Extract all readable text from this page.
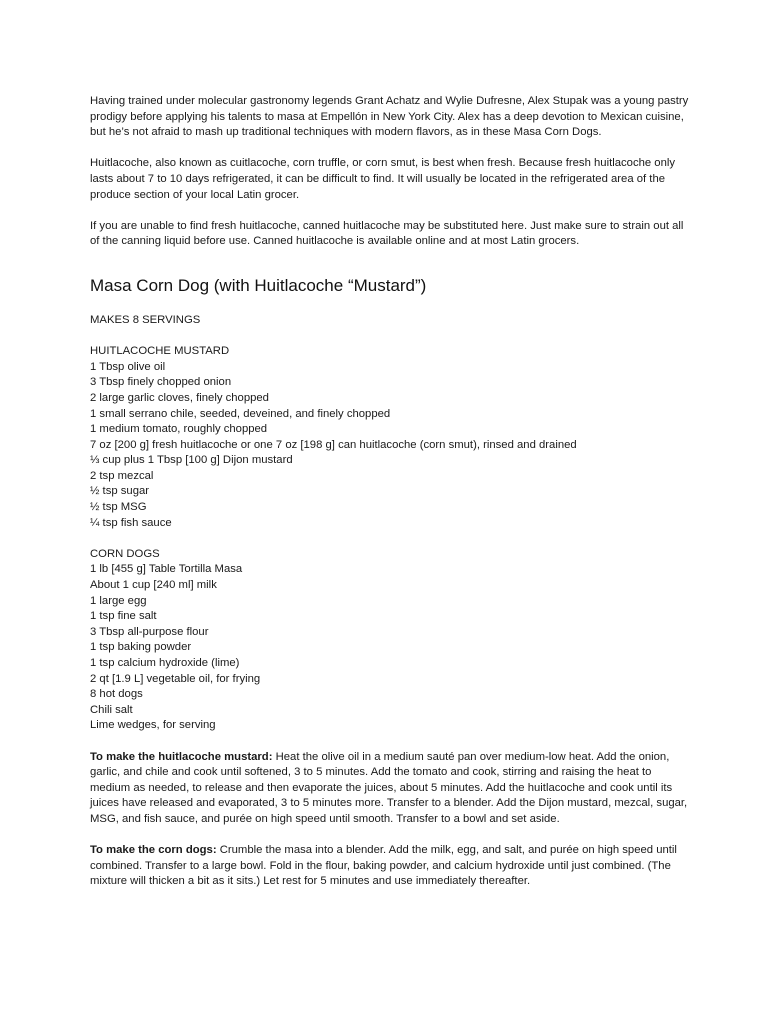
Having trained under molecular gastronomy legends Grant Achatz and Wylie Dufresne, Alex Stupak was a young pastry prodigy before applying his talents to masa at Empellón in New York City. Alex has a deep devotion to Mexican cuisine, but he’s not afraid to mash up traditional techniques with modern flavors, as in these Masa Corn Dogs.

Huitlacoche, also known as cuitlacoche, corn truffle, or corn smut, is best when fresh. Because fresh huitlacoche only lasts about 7 to 10 days refrigerated, it can be difficult to find. It will usually be located in the refrigerated area of the produce section of your local Latin grocer.

If you are unable to find fresh huitlacoche, canned huitlacoche may be substituted here. Just make sure to strain out all of the canning liquid before use. Canned huitlacoche is available online and at most Latin grocers.

Masa Corn Dog (with Huitlacoche “Mustard”)

MAKES 8 SERVINGS

HUITLACOCHE MUSTARD

1 Tbsp olive oil
3 Tbsp finely chopped onion
2 large garlic cloves, finely chopped
1 small serrano chile, seeded, deveined, and finely chopped
1 medium tomato, roughly chopped
7 oz [200 g] fresh huitlacoche or one 7 oz [198 g] can huitlacoche (corn smut), rinsed and drained
⅓ cup plus 1 Tbsp [100 g] Dijon mustard
2 tsp mezcal
½ tsp sugar
½ tsp MSG
¼ tsp fish sauce

CORN DOGS

1 lb [455 g] Table Tortilla Masa
About 1 cup [240 ml] milk
1 large egg
1 tsp fine salt
3 Tbsp all-purpose flour
1 tsp baking powder
1 tsp calcium hydroxide (lime)
2 qt [1.9 L] vegetable oil, for frying
8 hot dogs
Chili salt
Lime wedges, for serving

To make the huitlacoche mustard: Heat the olive oil in a medium sauté pan over medium-low heat. Add the onion, garlic, and chile and cook until softened, 3 to 5 minutes. Add the tomato and cook, stirring and raising the heat to medium as needed, to release and then evaporate the juices, about 5 minutes. Add the huitlacoche and cook until its juices have released and evaporated, 3 to 5 minutes more. Transfer to a blender. Add the Dijon mustard, mezcal, sugar, MSG, and fish sauce, and purée on high speed until smooth. Transfer to a bowl and set aside.

To make the corn dogs: Crumble the masa into a blender. Add the milk, egg, and salt, and purée on high speed until combined. Transfer to a large bowl. Fold in the flour, baking powder, and calcium hydroxide until just combined. (The mixture will thicken a bit as it sits.) Let rest for 5 minutes and use immediately thereafter.
